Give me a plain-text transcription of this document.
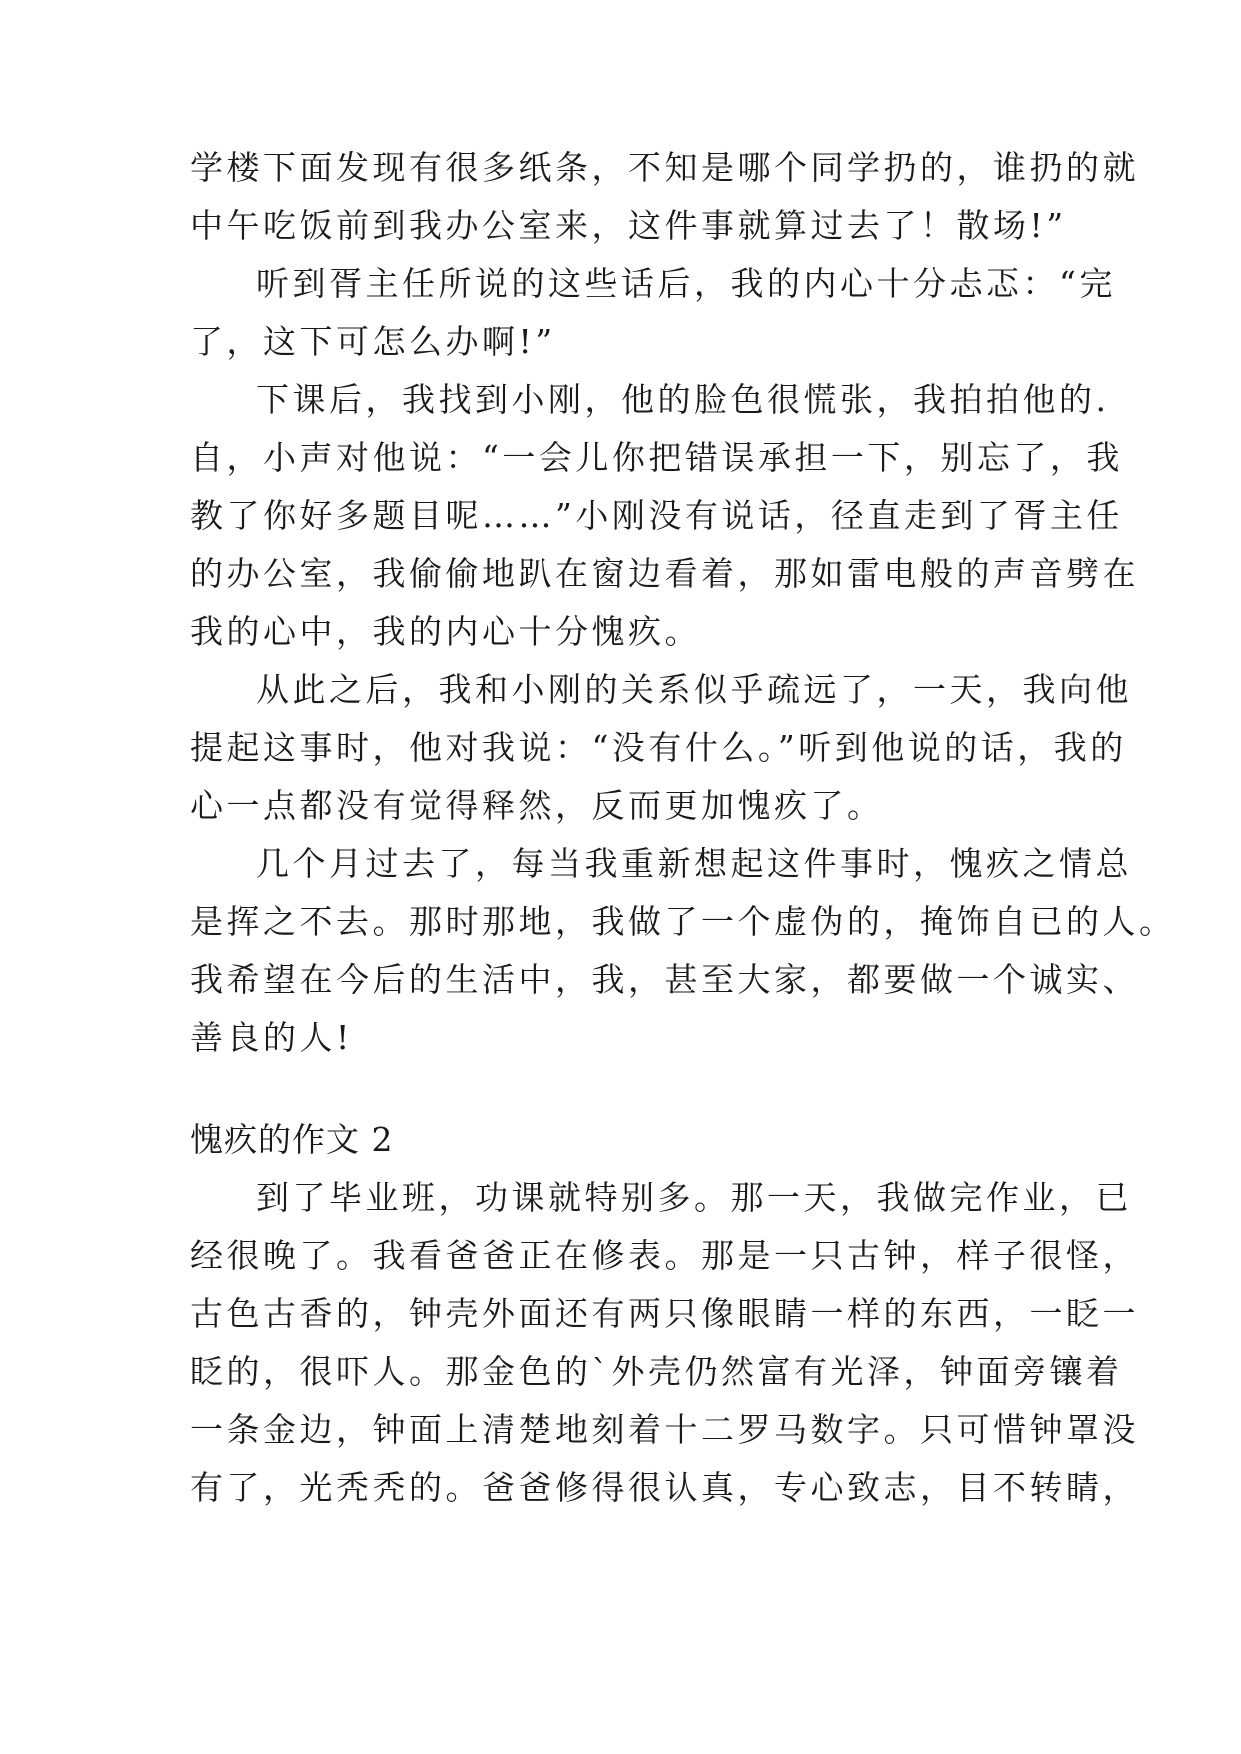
学楼下面发现有很多纸条，不知是哪个同学扔的，谁扔的就
中午吃饭前到我办公室来，这件事就算过去了！散场!”
听到胥主任所说的这些话后，我的内心十分忐忑：“完
了，这下可怎么办啊!”
下课后，我找到小刚，他的脸色很慌张，我拍拍他的.
自，小声对他说：“一会儿你把错误承担一下，别忘了，我
教了你好多题目呢……”小刚没有说话，径直走到了胥主任
的办公室，我偷偷地趴在窗边看着，那如雷电般的声音劈在
我的心中，我的内心十分愧疚。
从此之后，我和小刚的关系似乎疏远了，一天，我向他
提起这事时，他对我说：“没有什么。”听到他说的话，我的
心一点都没有觉得释然，反而更加愧疚了。
几个月过去了，每当我重新想起这件事时，愧疚之情总
是挥之不去。那时那地，我做了一个虚伪的，掩饰自已的人。
我希望在今后的生活中，我，甚至大家，都要做一个诚实、
善良的人!
愧疚的作文 2
到了毕业班，功课就特别多。那一天，我做完作业，已
经很晚了。我看爸爸正在修表。那是一只古钟，样子很怪，
古色古香的，钟壳外面还有两只像眼睛一样的东西，一眨一
眨的，很吓人。那金色的`外壳仍然富有光泽，钟面旁镶着
一条金边，钟面上清楚地刻着十二罗马数字。只可惜钟罩没
有了，光秃秃的。爸爸修得很认真，专心致志，目不转睛，
